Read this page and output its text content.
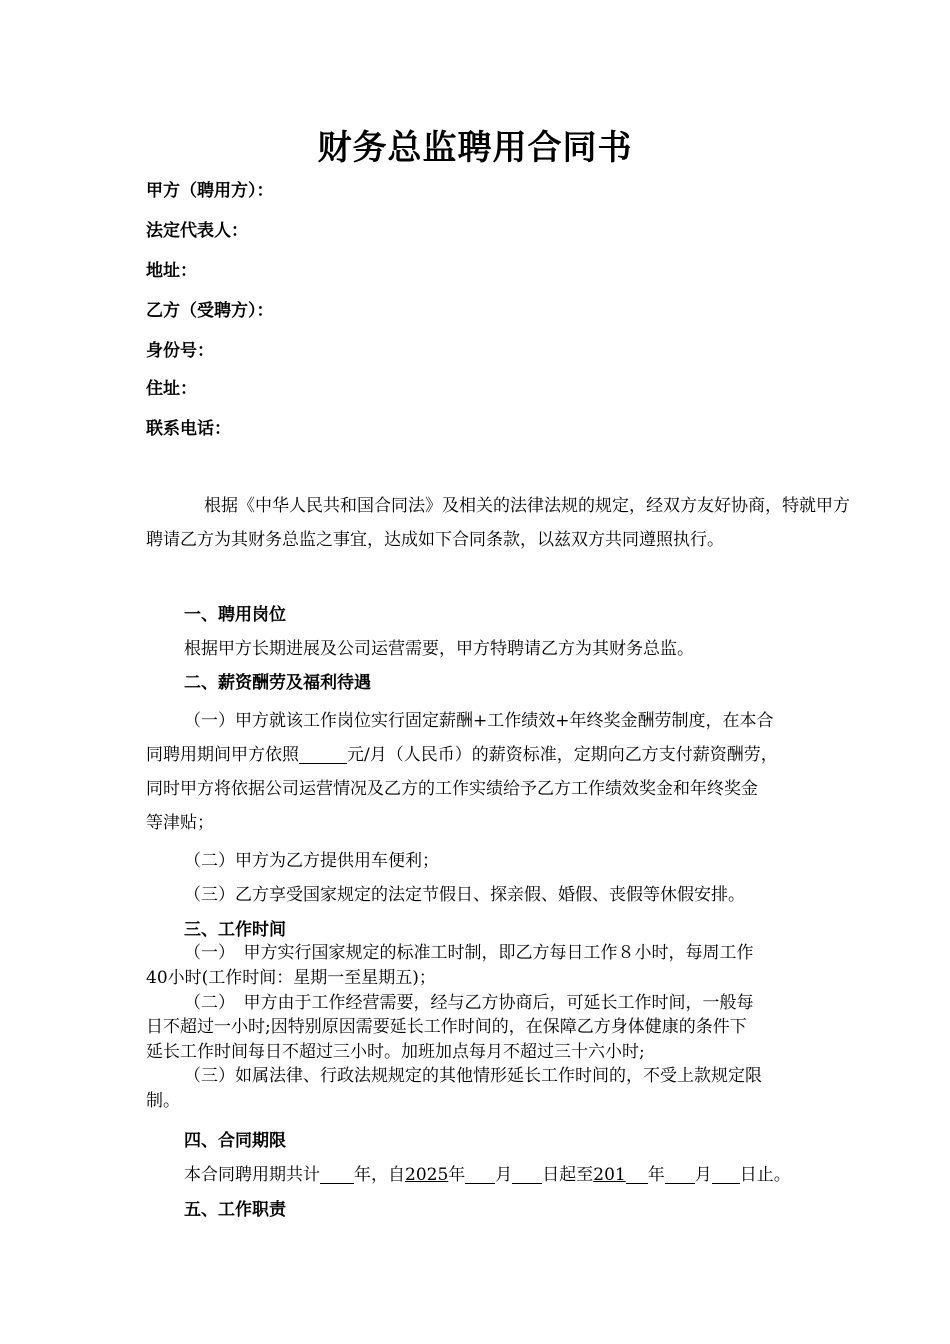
财务总监聘用合同书
甲方（聘用方）：
法定代表人：
地址：
乙方（受聘方）：
身份号：
住址：
联系电话：

根据《中华人民共和国合同法》及相关的法律法规的规定，经双方友好协商，特就甲方聘请乙方为其财务总监之事宜，达成如下合同条款，以兹双方共同遵照执行。

一、聘用岗位
根据甲方长期进展及公司运营需要，甲方特聘请乙方为其财务总监。
二、薪资酬劳及福利待遇
（一）甲方就该工作岗位实行固定薪酬+工作绩效+年终奖金酬劳制度，在本合
同聘用期间甲方依照	元/月（人民币）的薪资标准，定期向乙方支付薪资酬劳，
同时甲方将依据公司运营情况及乙方的工作实绩给予乙方工作绩效奖金和年终奖金
等津贴；
（二）甲方为乙方提供用车便利；
（三）乙方享受国家规定的法定节假日、探亲假、婚假、丧假等休假安排。
三、工作时间
（一）　甲方实行国家规定的标准工时制，即乙方每日工作８小时，每周工作
40小时(工作时间：星期一至星期五)；
（二）　甲方由于工作经营需要，经与乙方协商后，可延长工作时间，一般每
日不超过一小时;因特别原因需要延长工作时间的，在保障乙方身体健康的条件下
延长工作时间每日不超过三小时。加班加点每月不超过三十六小时;
（三）如属法律、行政法规规定的其他情形延长工作时间的，不受上款规定限
制。
四、合同期限
本合同聘用期共计 年，自2025年 月 日起至201 年 月 日止。
五、工作职责
